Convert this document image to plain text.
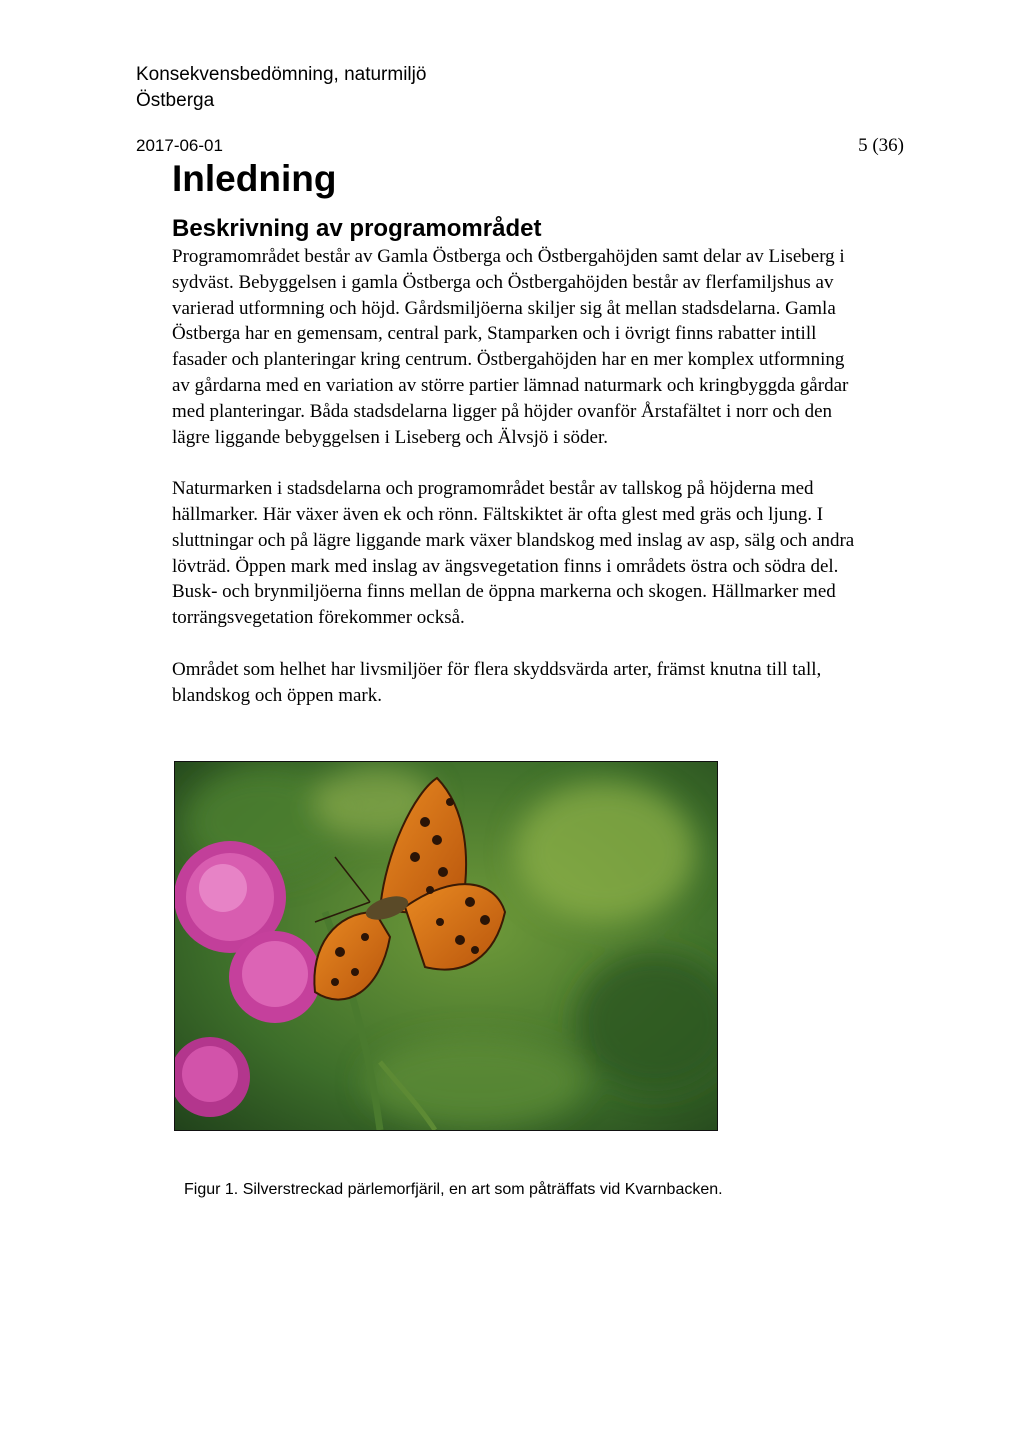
Konsekvensbedömning, naturmiljö
Östberga
2017-06-01	5 (36)
Inledning
Beskrivning av programområdet

Programområdet består av Gamla Östberga och Östbergahöjden samt delar av Liseberg i sydväst. Bebyggelsen i gamla Östberga och Östbergahöjden består av flerfamiljshus av varierad utformning och höjd. Gårdsmiljöerna skiljer sig åt mellan stadsdelarna. Gamla Östberga har en gemensam, central park, Stamparken och i övrigt finns rabatter intill fasader och planteringar kring centrum. Östbergahöjden har en mer komplex utformning av gårdarna med en variation av större partier lämnad naturmark och kringbyggda gårdar med planteringar. Båda stadsdelarna ligger på höjder ovanför Årstafältet i norr och den lägre liggande bebyggelsen i Liseberg och Älvsjö i söder.

Naturmarken i stadsdelarna och programområdet består av tallskog på höjderna med hällmarker. Här växer även ek och rönn. Fältskiktet är ofta glest med gräs och ljung. I sluttningar och på lägre liggande mark växer blandskog med inslag av asp, sälg och andra lövträd. Öppen mark med inslag av ängsvegetation finns i områdets östra och södra del. Busk- och brynmiljöerna finns mellan de öppna markerna och skogen. Hällmarker med torrängsvegetation förekommer också.

Området som helhet har livsmiljöer för flera skyddsvärda arter, främst knutna till tall, blandskog och öppen mark.

Figur 1. Silverstreckad pärlemorfjäril, en art som påträffats vid Kvarnbacken.
